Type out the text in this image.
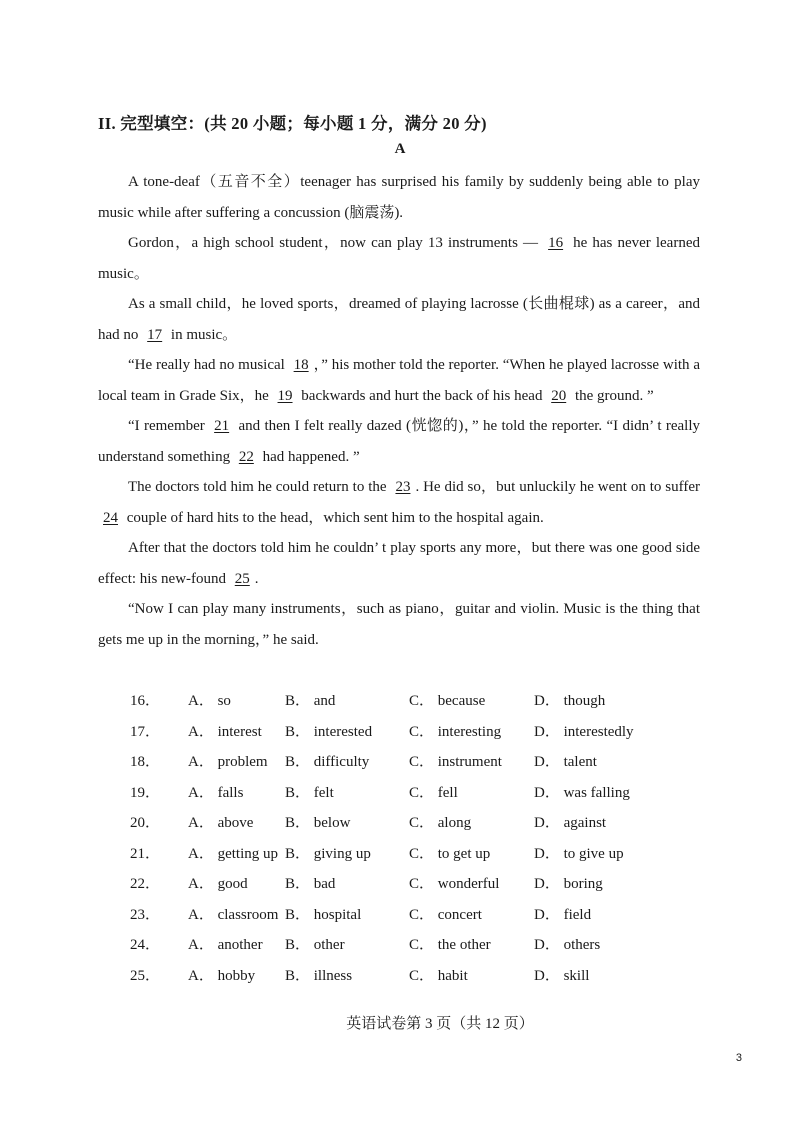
II. 完型填空：(共 20 小题；每小题 1 分，满分 20 分)
A

A tone-deaf（五音不全）teenager has surprised his family by suddenly being able to play music while after suffering a concussion (脑震荡).

Gordon，a high school student，now can play 13 instruments — 16 he has never learned music。

As a small child，he loved sports，dreamed of playing lacrosse (长曲棍球) as a career，and had no 17 in music。

“He really had no musical 18 ，” his mother told the reporter. “When he played lacrosse with a local team in Grade Six，he 19 backwards and hurt the back of his head 20 the ground. ”

“I remember 21 and then I felt really dazed (恍惚的)，” he told the reporter. “I didn’ t really understand something 22 had happened. ”

The doctors told him he could return to the 23 . He did so，but unluckily he went on to suffer 24 couple of hard hits to the head，which sent him to the hospital again.

After that the doctors told him he couldn’ t play sports any more，but there was one good side effect: his new-found 25 .

“Now I can play many instruments，such as piano，guitar and violin. Music is the thing that gets me up in the morning，” he said.

16． A． so	B． and	C． because	D． though
17． A． interest B． interested C． interesting D． interestedly
18． A． problem B． difficulty	C． instrument D． talent
19． A． falls	B． felt	C． fell	D． was falling
20． A． above B． below	C． along	D． against
21． A． getting up B． giving up	C． to get up	D． to give up
22． A． good B． bad	C． wonderful D． boring
23． A． classroom B． hospital	C． concert	D． field
24． A． another B． other	C． the other	D． others
25． A． hobby B． illness	C． habit	D． skill
英语试卷第 3 页（共 12 页）
3
